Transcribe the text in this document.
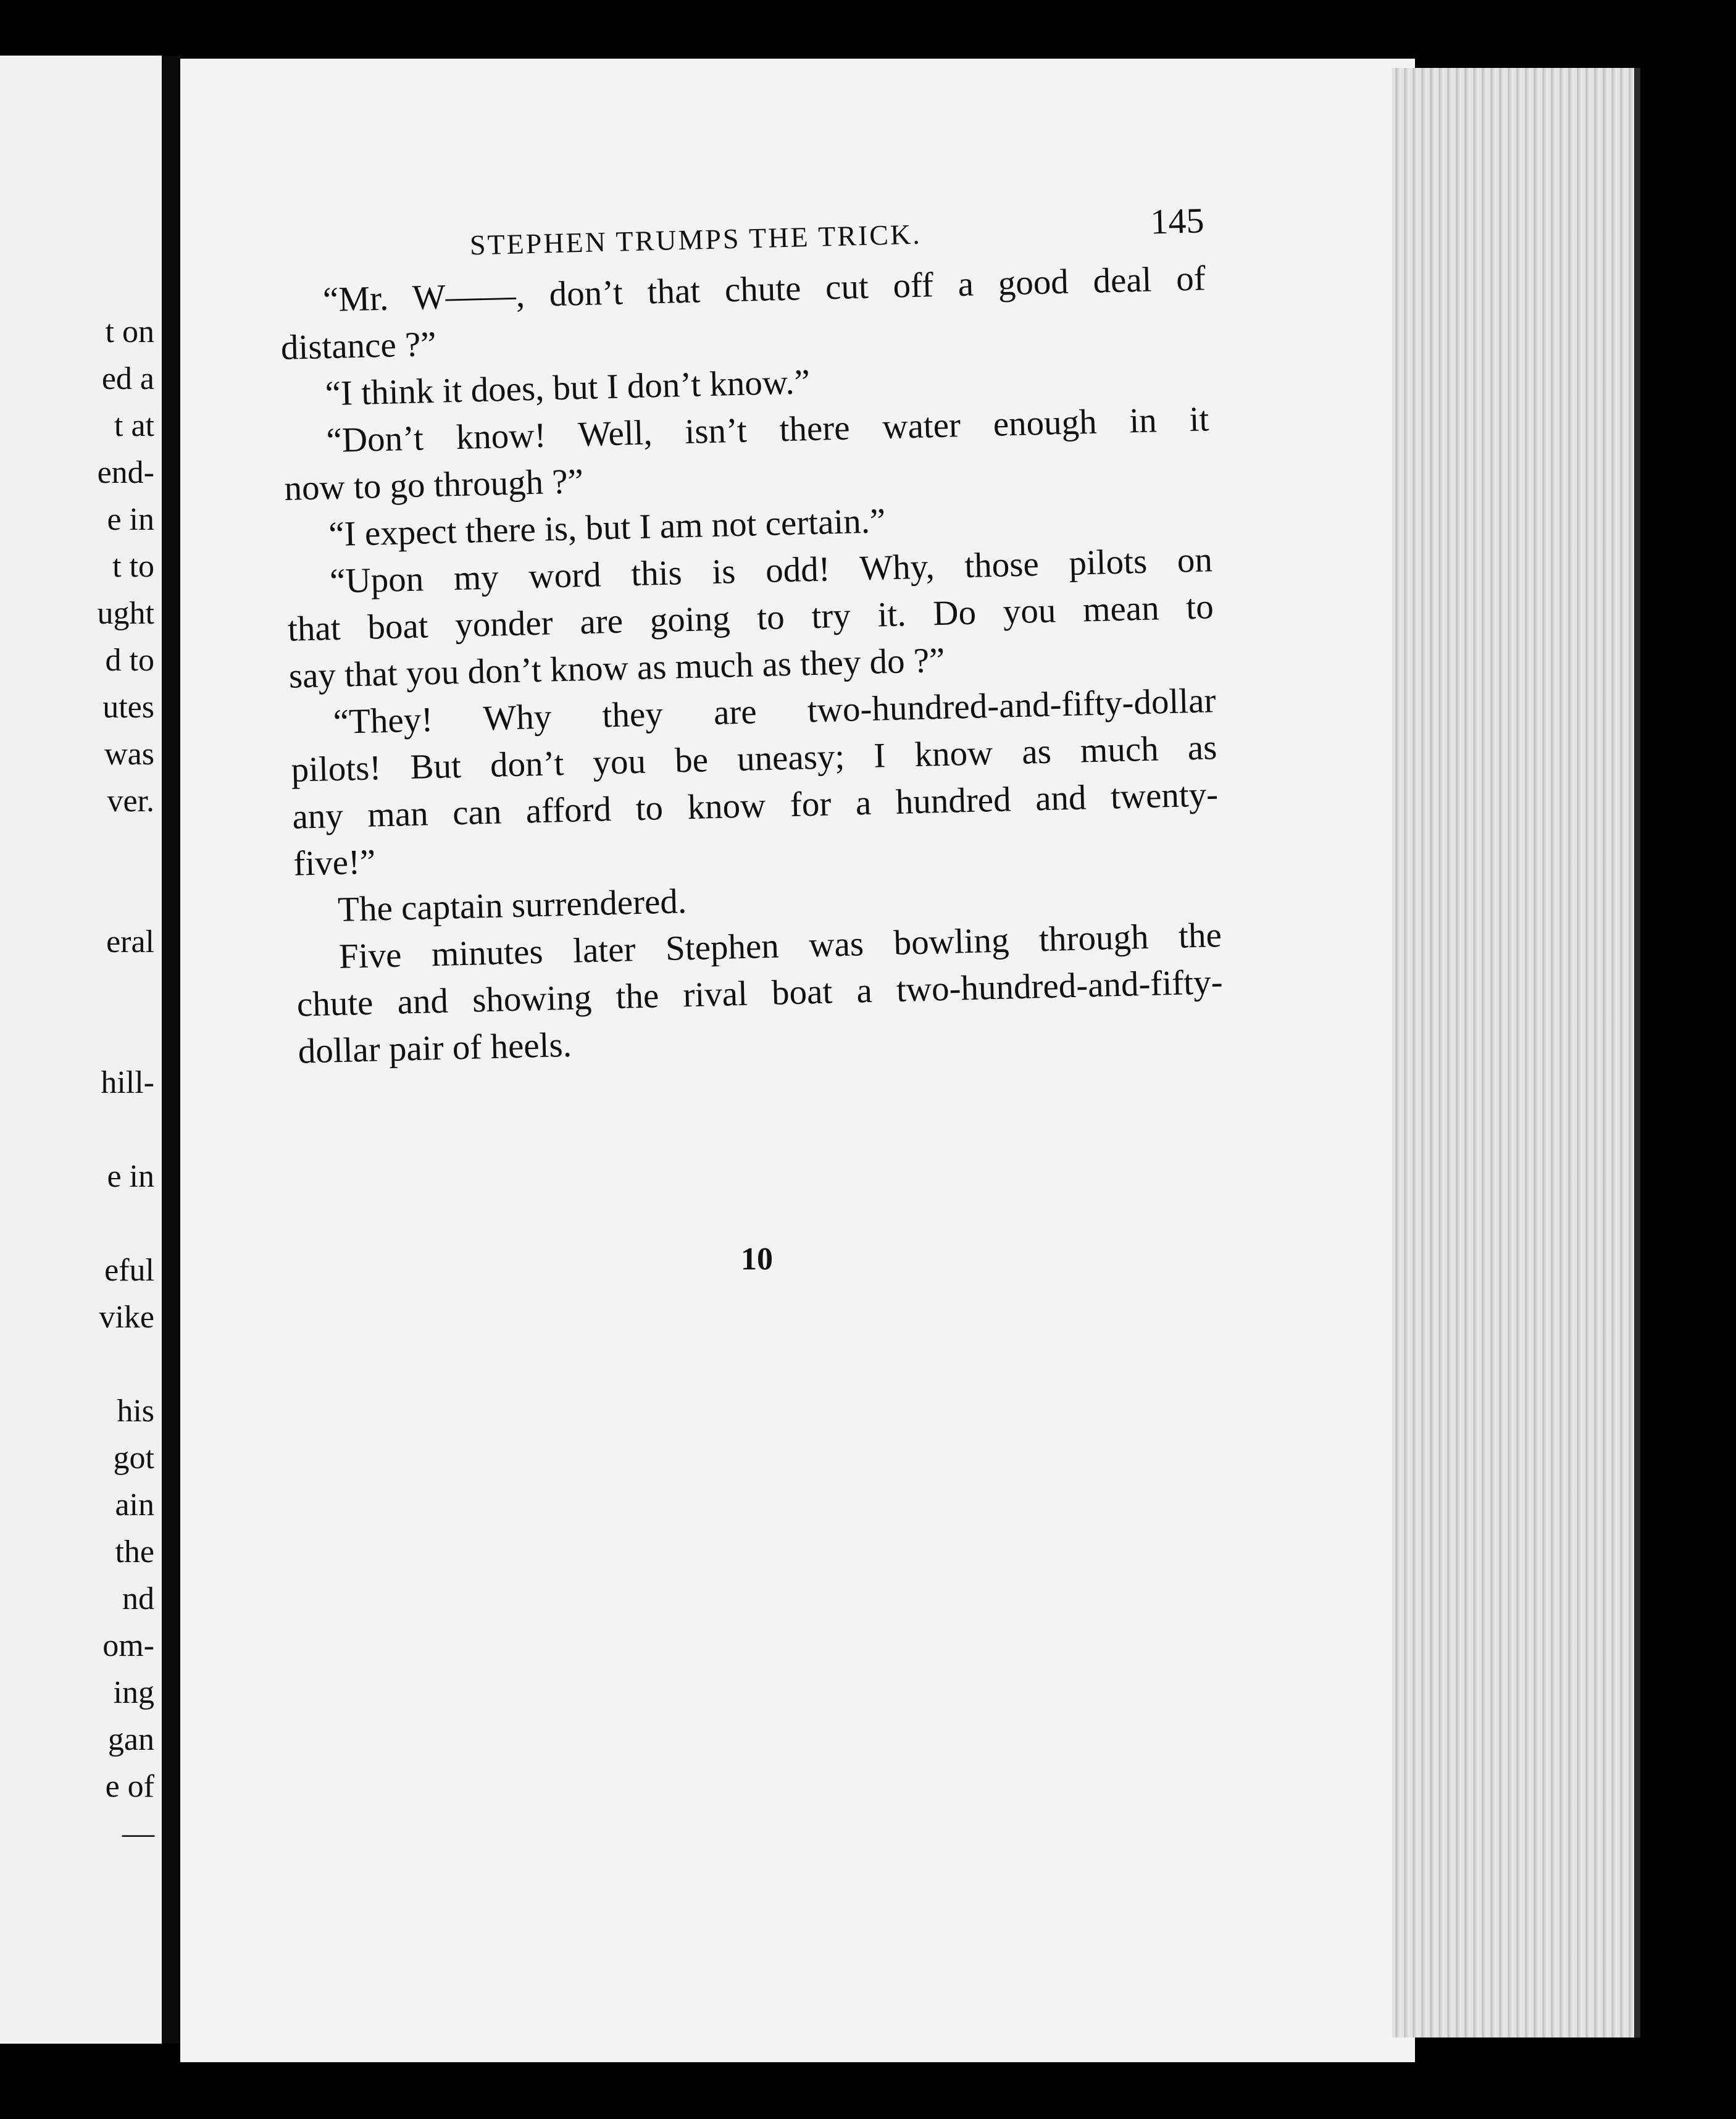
t on
ed a
t at
end-
e in
t to
ught
d to
utes
was
ver.

eral

hill-

e in

eful
vike

his
got
ain
the
nd
om-
ing
gan
e of
—
STEPHEN TRUMPS THE TRICK.	145
“Mr. W——, don’t that chute cut off a good deal of
distance ?”
“I think it does, but I don’t know.”
“Don’t know! Well, isn’t there water enough in it
now to go through ?”
“I expect there is, but I am not certain.”
“Upon my word this is odd! Why, those pilots on
that boat yonder are going to try it. Do you mean to
say that you don’t know as much as they do ?”
“They! Why they are two-hundred-and-fifty-dollar
pilots! But don’t you be uneasy; I know as much as
any man can afford to know for a hundred and twenty-
five!”
The captain surrendered.
Five minutes later Stephen was bowling through the
chute and showing the rival boat a two-hundred-and-fifty-
dollar pair of heels.
10
